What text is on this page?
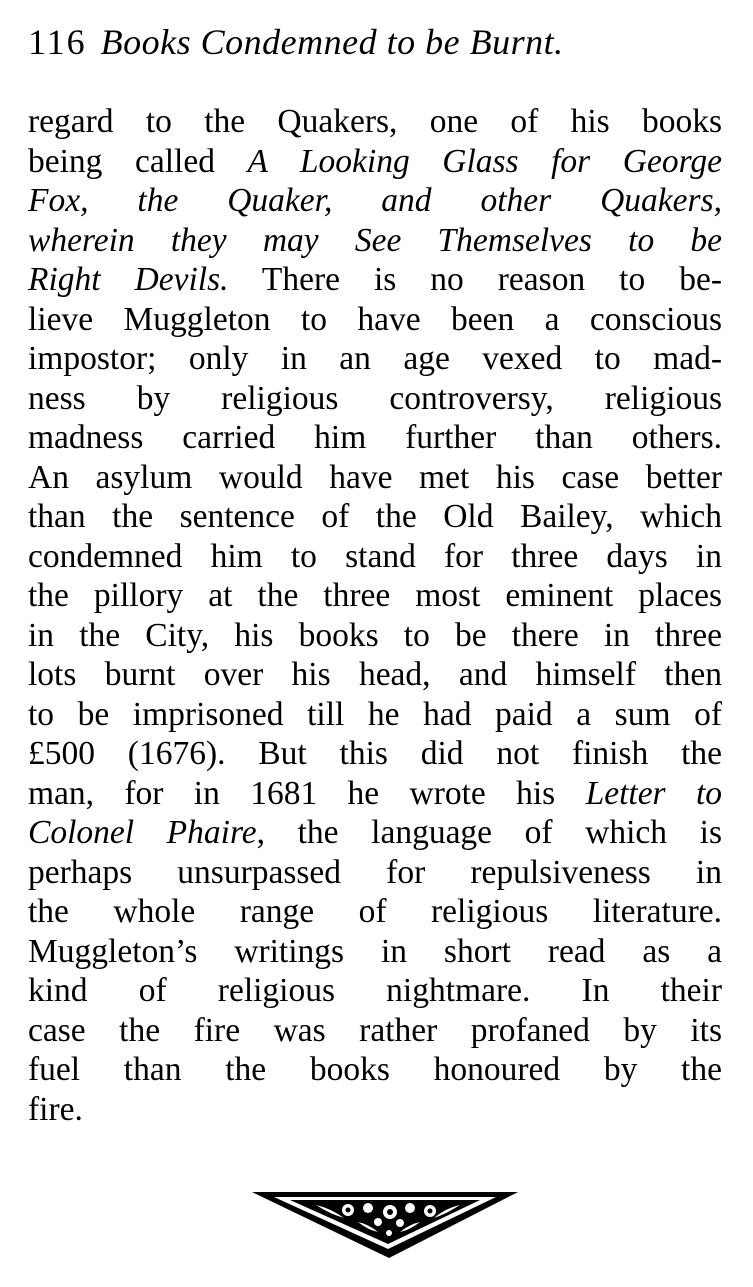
116 Books Condemned to be Burnt.
regard to the Quakers, one of his books
being called A Looking Glass for George
Fox, the Quaker, and other Quakers,
wherein they may See Themselves to be
Right Devils. There is no reason to be-
lieve Muggleton to have been a conscious
impostor; only in an age vexed to mad-
ness by religious controversy, religious
madness carried him further than others.
An asylum would have met his case better
than the sentence of the Old Bailey, which
condemned him to stand for three days in
the pillory at the three most eminent places
in the City, his books to be there in three
lots burnt over his head, and himself then
to be imprisoned till he had paid a sum of
£500 (1676). But this did not finish the
man, for in 1681 he wrote his Letter to
Colonel Phaire, the language of which is
perhaps unsurpassed for repulsiveness in
the whole range of religious literature.
Muggleton’s writings in short read as a
kind of religious nightmare. In their
case the fire was rather profaned by its
fuel than the books honoured by the
fire.
